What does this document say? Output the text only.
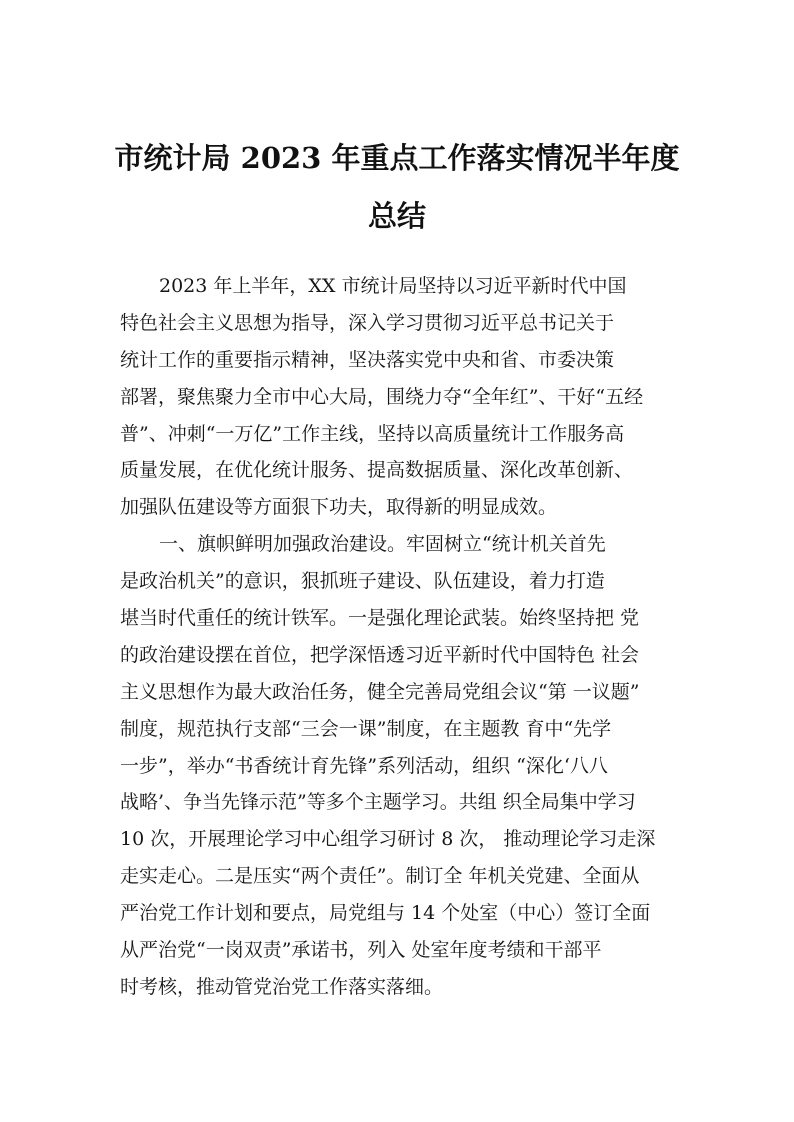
市统计局 2023 年重点工作落实情况半年度
总结
2023 年上半年，XX 市统计局坚持以习近平新时代中国
特色社会主义思想为指导，深入学习贯彻习近平总书记关于
统计工作的重要指示精神，坚决落实党中央和省、市委决策
部署，聚焦聚力全市中心大局，围绕力夺“全年红”、干好“五经
普”、冲刺“一万亿”工作主线，坚持以高质量统计工作服务高
质量发展，在优化统计服务、提高数据质量、深化改革创新、
加强队伍建设等方面狠下功夫，取得新的明显成效。
一、旗帜鲜明加强政治建设。牢固树立“统计机关首先
是政治机关”的意识，狠抓班子建设、队伍建设，着力打造
堪当时代重任的统计铁军。一是强化理论武装。始终坚持把 党
的政治建设摆在首位，把学深悟透习近平新时代中国特色 社会
主义思想作为最大政治任务，健全完善局党组会议“第 一议题”
制度，规范执行支部“三会一课”制度，在主题教 育中“先学
一步”，举办“书香统计育先锋”系列活动，组织 “深化‘八八
战略’、争当先锋示范”等多个主题学习。共组 织全局集中学习
10 次，开展理论学习中心组学习研讨 8 次， 推动理论学习走深
走实走心。二是压实“两个责任”。制订全 年机关党建、全面从
严治党工作计划和要点，局党组与 14 个处室（中心）签订全面
从严治党“一岗双责”承诺书，列入 处室年度考绩和干部平
时考核，推动管党治党工作落实落细。
